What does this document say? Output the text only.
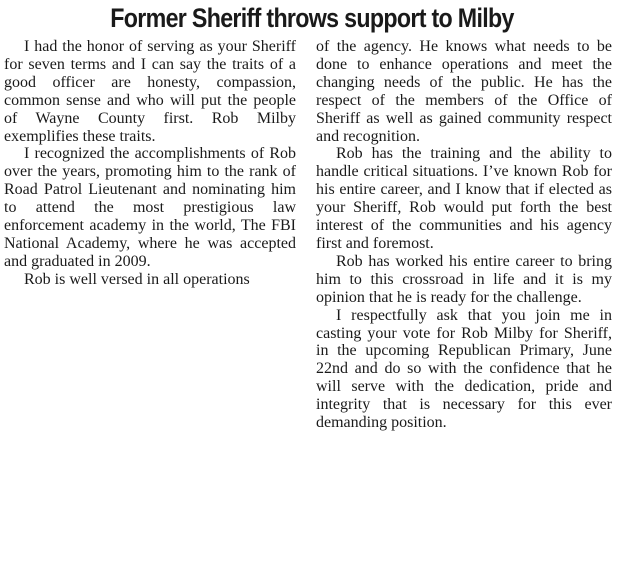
Former Sheriff throws support to Milby

I had the honor of serving as your Sheriff for seven terms and I can say the traits of a good officer are honesty, compassion, common sense and who will put the people of Wayne County first. Rob Milby exemplifies these traits.

I recognized the accomplishments of Rob over the years, promoting him to the rank of Road Patrol Lieutenant and nominating him to attend the most prestigious law enforcement academy in the world, The FBI National Academy, where he was accepted and graduated in 2009.

Rob is well versed in all operations

of the agency. He knows what needs to be done to enhance operations and meet the changing needs of the public. He has the respect of the members of the Office of Sheriff as well as gained community respect and recognition.

Rob has the training and the ability to handle critical situations. I’ve known Rob for his entire career, and I know that if elected as your Sheriff, Rob would put forth the best interest of the communities and his agency first and foremost.

Rob has worked his entire career to bring him to this crossroad in life and it is my opinion that he is ready for the challenge.

I respectfully ask that you join me in casting your vote for Rob Milby for Sheriff, in the upcoming Republican Primary, June 22nd and do so with the confidence that he will serve with the dedication, pride and integrity that is necessary for this ever demanding position.
